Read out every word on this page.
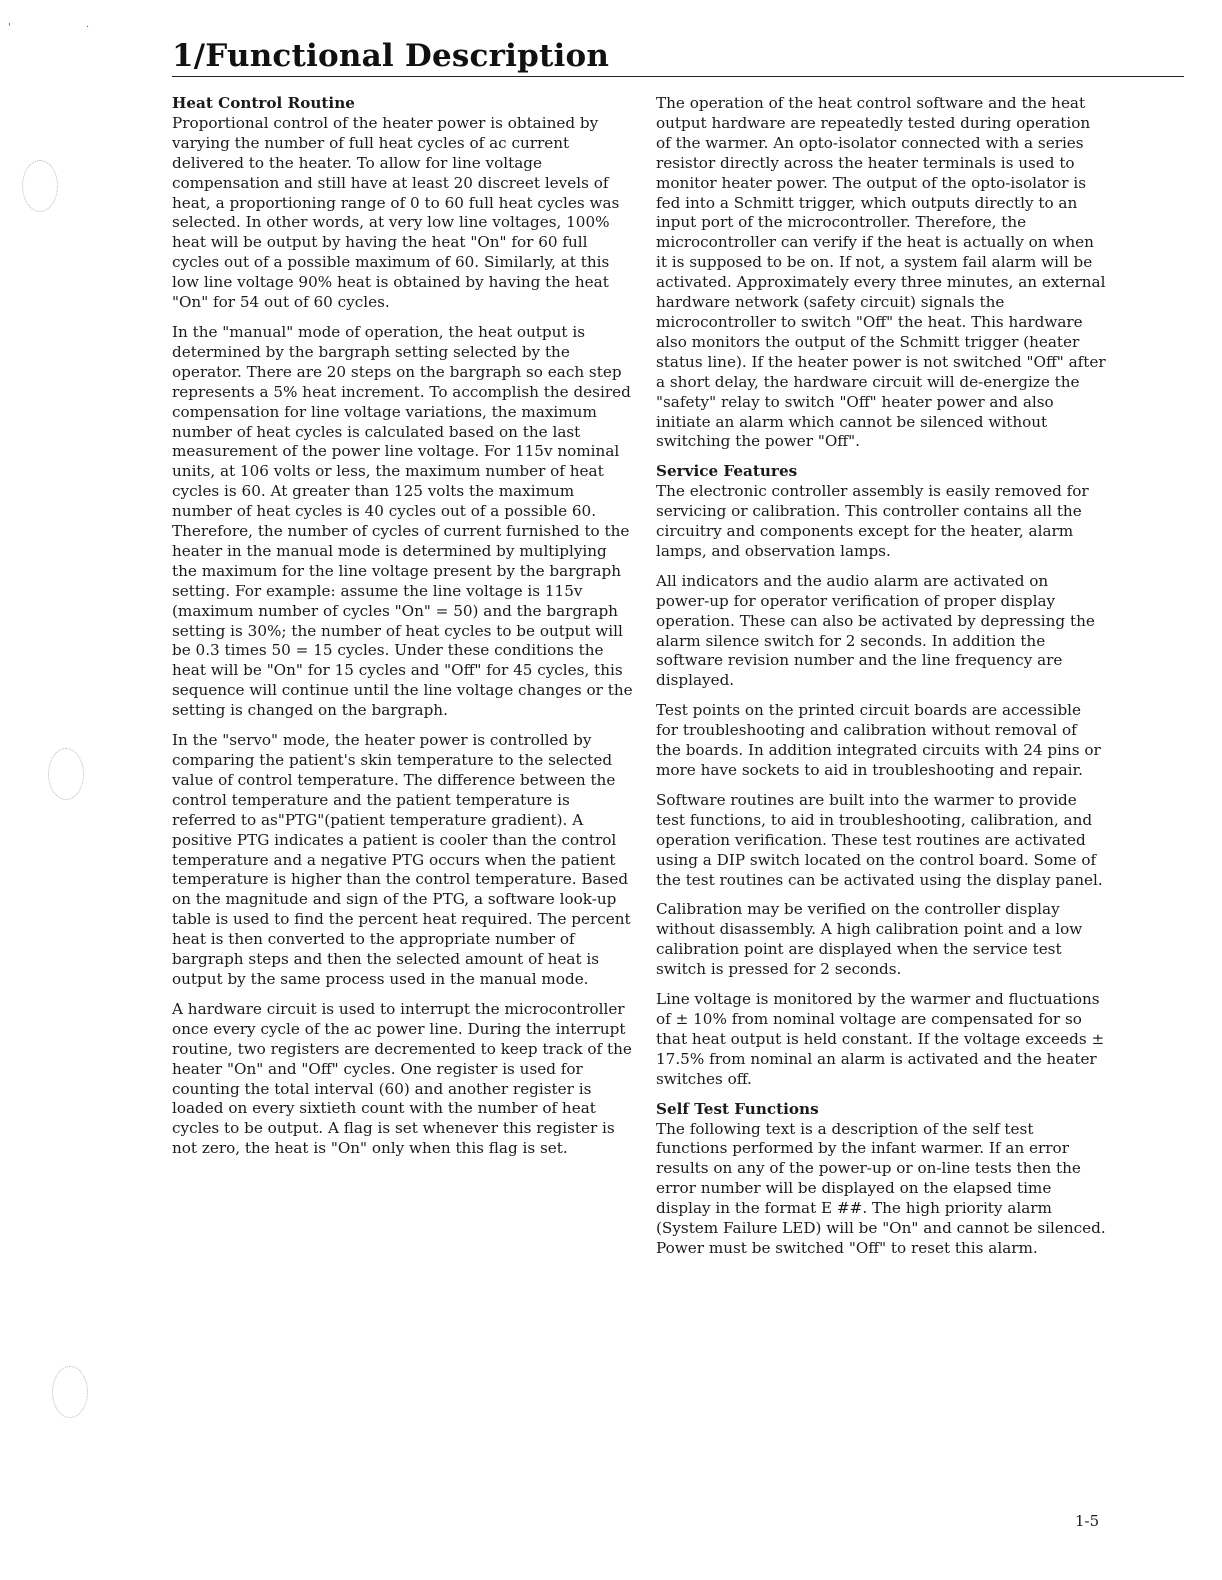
'	·
1/Functional Description

Heat Control Routine

Proportional control of the heater power is obtained by varying the number of full heat cycles of ac current delivered to the heater. To allow for line voltage compensation and still have at least 20 discreet levels of heat, a proportioning range of 0 to 60 full heat cycles was selected. In other words, at very low line voltages, 100% heat will be output by having the heat "On" for 60 full cycles out of a possible maximum of 60. Similarly, at this low line voltage 90% heat is obtained by having the heat "On" for 54 out of 60 cycles.

In the "manual" mode of operation, the heat output is determined by the bargraph setting selected by the operator. There are 20 steps on the bargraph so each step represents a 5% heat increment. To accomplish the desired compensation for line voltage variations, the maximum number of heat cycles is calculated based on the last measurement of the power line voltage. For 115v nominal units, at 106 volts or less, the maximum number of heat cycles is 60. At greater than 125 volts the maximum number of heat cycles is 40 cycles out of a possible 60. Therefore, the number of cycles of current furnished to the heater in the manual mode is determined by multiplying the maximum for the line voltage present by the bargraph setting. For example: assume the line voltage is 115v (maximum number of cycles "On" = 50) and the bargraph setting is 30%; the number of heat cycles to be output will be 0.3 times 50 = 15 cycles. Under these conditions the heat will be "On" for 15 cycles and "Off" for 45 cycles, this sequence will continue until the line voltage changes or the setting is changed on the bargraph.

In the "servo" mode, the heater power is controlled by comparing the patient's skin temperature to the selected value of control temperature. The difference between the control temperature and the patient temperature is referred to as"PTG"(patient temperature gradient). A positive PTG indicates a patient is cooler than the control temperature and a negative PTG occurs when the patient temperature is higher than the control temperature. Based on the magnitude and sign of the PTG, a software look-up table is used to find the percent heat required. The percent heat is then converted to the appropriate number of bargraph steps and then the selected amount of heat is output by the same process used in the manual mode.

A hardware circuit is used to interrupt the microcontroller once every cycle of the ac power line. During the interrupt routine, two registers are decremented to keep track of the heater "On" and "Off" cycles. One register is used for counting the total interval (60) and another register is loaded on every sixtieth count with the number of heat cycles to be output. A flag is set whenever this register is not zero, the heat is "On" only when this flag is set.

The operation of the heat control software and the heat output hardware are repeatedly tested during operation of the warmer. An opto-isolator connected with a series resistor directly across the heater terminals is used to monitor heater power. The output of the opto-isolator is fed into a Schmitt trigger, which outputs directly to an input port of the microcontroller. Therefore, the microcontroller can verify if the heat is actually on when it is supposed to be on. If not, a system fail alarm will be activated. Approximately every three minutes, an external hardware network (safety circuit) signals the microcontroller to switch "Off" the heat. This hardware also monitors the output of the Schmitt trigger (heater status line). If the heater power is not switched "Off" after a short delay, the hardware circuit will de-energize the "safety" relay to switch "Off" heater power and also initiate an alarm which cannot be silenced without switching the power "Off".

Service Features

The electronic controller assembly is easily removed for servicing or calibration. This controller contains all the circuitry and components except for the heater, alarm lamps, and observation lamps.

All indicators and the audio alarm are activated on power-up for operator verification of proper display operation. These can also be activated by depressing the alarm silence switch for 2 seconds. In addition the software revision number and the line frequency are displayed.

Test points on the printed circuit boards are accessible for troubleshooting and calibration without removal of the boards. In addition integrated circuits with 24 pins or more have sockets to aid in troubleshooting and repair.

Software routines are built into the warmer to provide test functions, to aid in troubleshooting, calibration, and operation verification. These test routines are activated using a DIP switch located on the control board. Some of the test routines can be activated using the display panel.

Calibration may be verified on the controller display without disassembly. A high calibration point and a low calibration point are displayed when the service test switch is pressed for 2 seconds.

Line voltage is monitored by the warmer and fluctuations of ± 10% from nominal voltage are compensated for so that heat output is held constant. If the voltage exceeds ± 17.5% from nominal an alarm is activated and the heater switches off.

Self Test Functions

The following text is a description of the self test functions performed by the infant warmer. If an error results on any of the power-up or on-line tests then the error number will be displayed on the elapsed time display in the format E ##. The high priority alarm (System Failure LED) will be "On" and cannot be silenced. Power must be switched "Off" to reset this alarm.

1-5
